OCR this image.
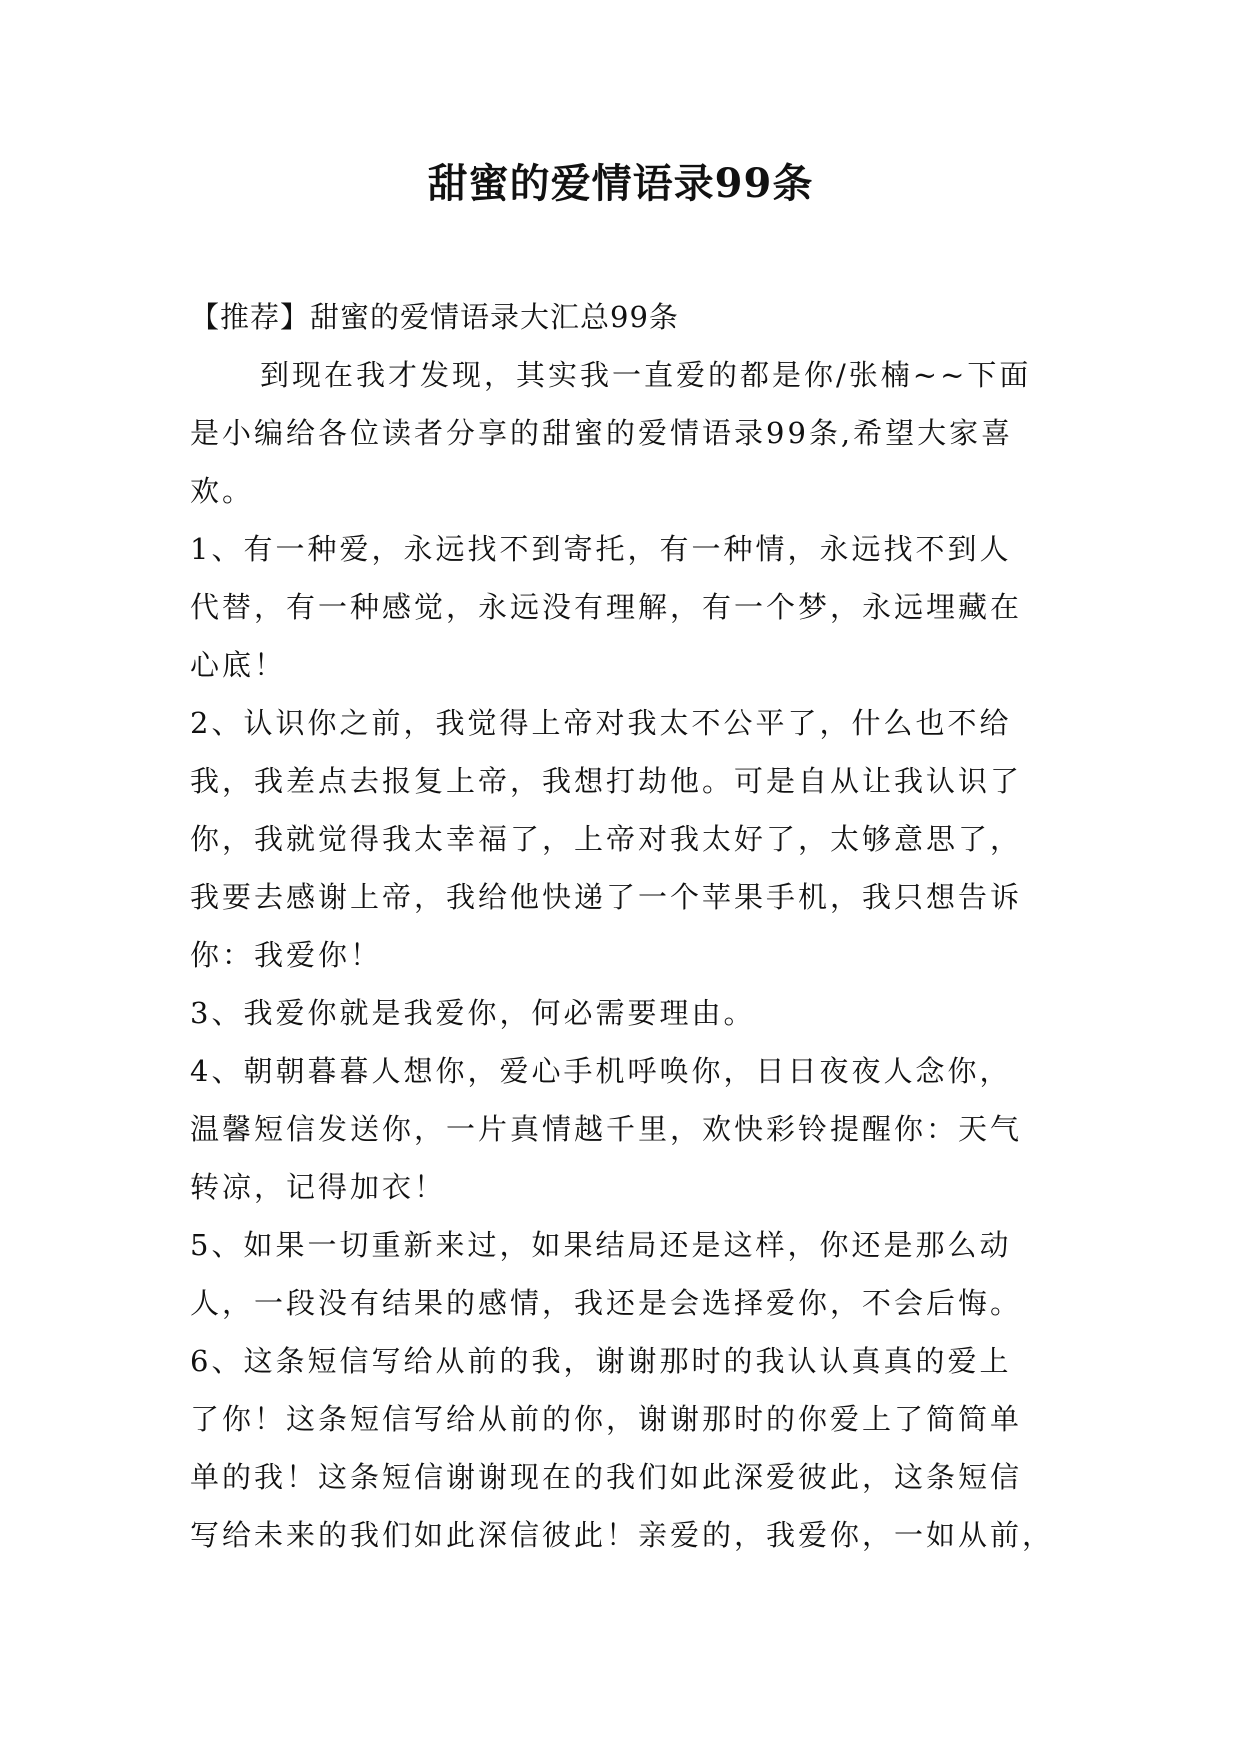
甜蜜的爱情语录99条
【推荐】甜蜜的爱情语录大汇总99条
到现在我才发现，其实我一直爱的都是你/张楠~~下面
是小编给各位读者分享的甜蜜的爱情语录99条,希望大家喜
欢。
1、有一种爱，永远找不到寄托，有一种情，永远找不到人
代替，有一种感觉，永远没有理解，有一个梦，永远埋藏在
心底！
2、认识你之前，我觉得上帝对我太不公平了，什么也不给
我，我差点去报复上帝，我想打劫他。可是自从让我认识了
你，我就觉得我太幸福了，上帝对我太好了，太够意思了，
我要去感谢上帝，我给他快递了一个苹果手机，我只想告诉
你：我爱你！
3、我爱你就是我爱你，何必需要理由。
4、朝朝暮暮人想你，爱心手机呼唤你，日日夜夜人念你，
温馨短信发送你，一片真情越千里，欢快彩铃提醒你：天气
转凉，记得加衣！
5、如果一切重新来过，如果结局还是这样，你还是那么动
人，一段没有结果的感情，我还是会选择爱你，不会后悔。
6、这条短信写给从前的我，谢谢那时的我认认真真的爱上
了你！这条短信写给从前的你，谢谢那时的你爱上了简简单
单的我！这条短信谢谢现在的我们如此深爱彼此，这条短信
写给未来的我们如此深信彼此！亲爱的，我爱你，一如从前，
